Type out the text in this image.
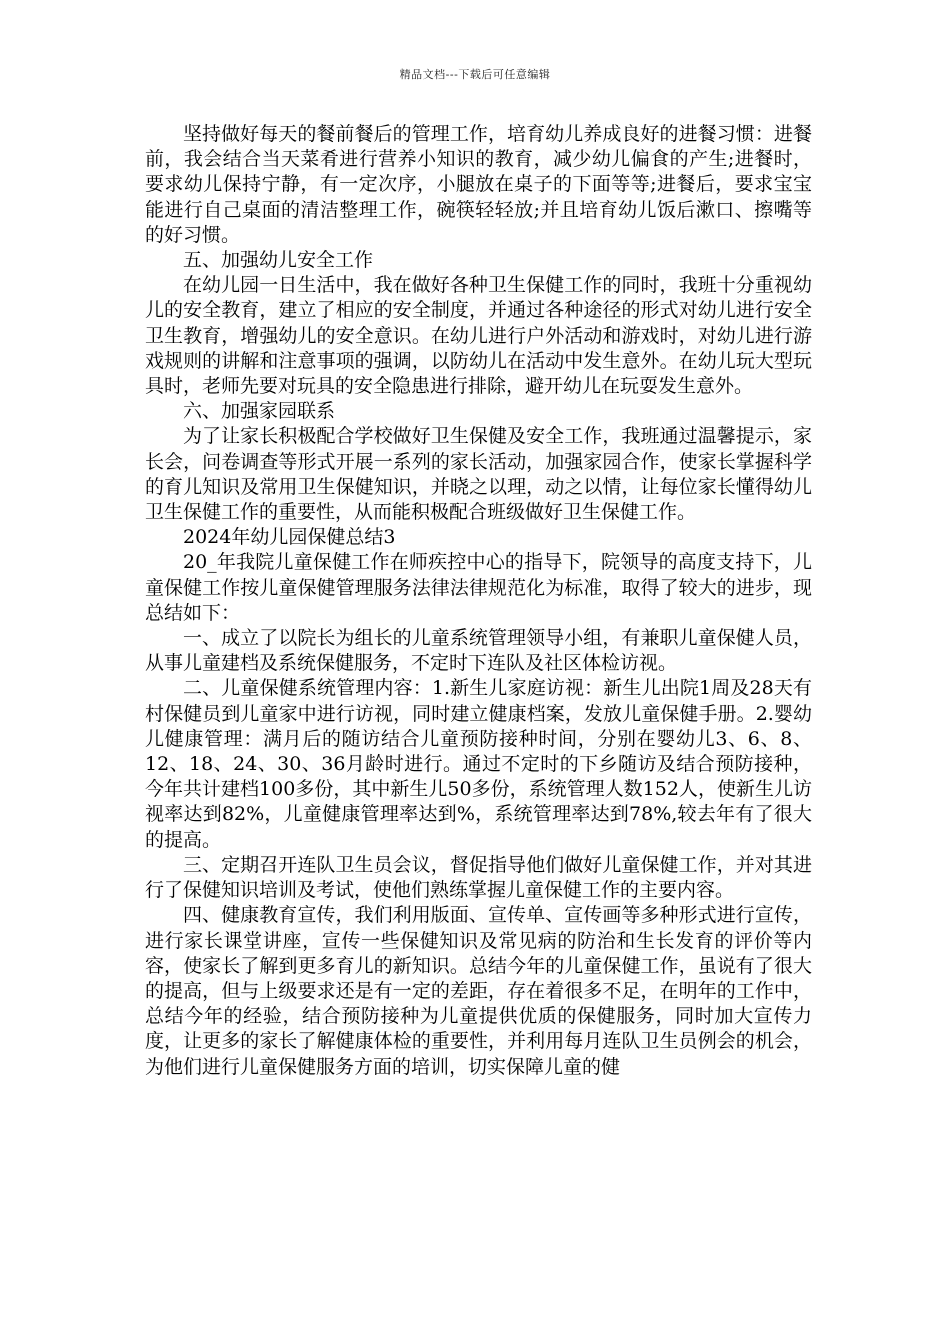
精品文档---下载后可任意编辑

坚持做好每天的餐前餐后的管理工作，培育幼儿养成良好的进餐习惯：进餐前，我会结合当天菜肴进行营养小知识的教育，减少幼儿偏食的产生;进餐时，要求幼儿保持宁静，有一定次序，小腿放在桌子的下面等等;进餐后，要求宝宝能进行自己桌面的清洁整理工作，碗筷轻轻放;并且培育幼儿饭后漱口、擦嘴等的好习惯。

五、加强幼儿安全工作

在幼儿园一日生活中，我在做好各种卫生保健工作的同时，我班十分重视幼儿的安全教育，建立了相应的安全制度，并通过各种途径的形式对幼儿进行安全卫生教育，增强幼儿的安全意识。在幼儿进行户外活动和游戏时，对幼儿进行游戏规则的讲解和注意事项的强调，以防幼儿在活动中发生意外。在幼儿玩大型玩具时，老师先要对玩具的安全隐患进行排除，避开幼儿在玩耍发生意外。

六、加强家园联系

为了让家长积极配合学校做好卫生保健及安全工作，我班通过温馨提示，家长会，问卷调查等形式开展一系列的家长活动，加强家园合作，使家长掌握科学的育儿知识及常用卫生保健知识，并晓之以理，动之以情，让每位家长懂得幼儿卫生保健工作的重要性，从而能积极配合班级做好卫生保健工作。

2024年幼儿园保健总结3

20_年我院儿童保健工作在师疾控中心的指导下，院领导的高度支持下，儿童保健工作按儿童保健管理服务法律法律规范化为标准，取得了较大的进步，现总结如下：

一、成立了以院长为组长的儿童系统管理领导小组，有兼职儿童保健人员，从事儿童建档及系统保健服务，不定时下连队及社区体检访视。

二、儿童保健系统管理内容：1.新生儿家庭访视：新生儿出院1周及28天有村保健员到儿童家中进行访视，同时建立健康档案，发放儿童保健手册。2.婴幼儿健康管理：满月后的随访结合儿童预防接种时间，分别在婴幼儿3、6、8、12、18、24、30、36月龄时进行。通过不定时的下乡随访及结合预防接种，今年共计建档100多份，其中新生儿50多份，系统管理人数152人，使新生儿访视率达到82%，儿童健康管理率达到%，系统管理率达到78%,较去年有了很大的提高。

三、定期召开连队卫生员会议，督促指导他们做好儿童保健工作，并对其进行了保健知识培训及考试，使他们熟练掌握儿童保健工作的主要内容。

四、健康教育宣传，我们利用版面、宣传单、宣传画等多种形式进行宣传，进行家长课堂讲座，宣传一些保健知识及常见病的防治和生长发育的评价等内容，使家长了解到更多育儿的新知识。总结今年的儿童保健工作，虽说有了很大的提高，但与上级要求还是有一定的差距，存在着很多不足，在明年的工作中，总结今年的经验，结合预防接种为儿童提供优质的保健服务，同时加大宣传力度，让更多的家长了解健康体检的重要性，并利用每月连队卫生员例会的机会，为他们进行儿童保健服务方面的培训，切实保障儿童的健
